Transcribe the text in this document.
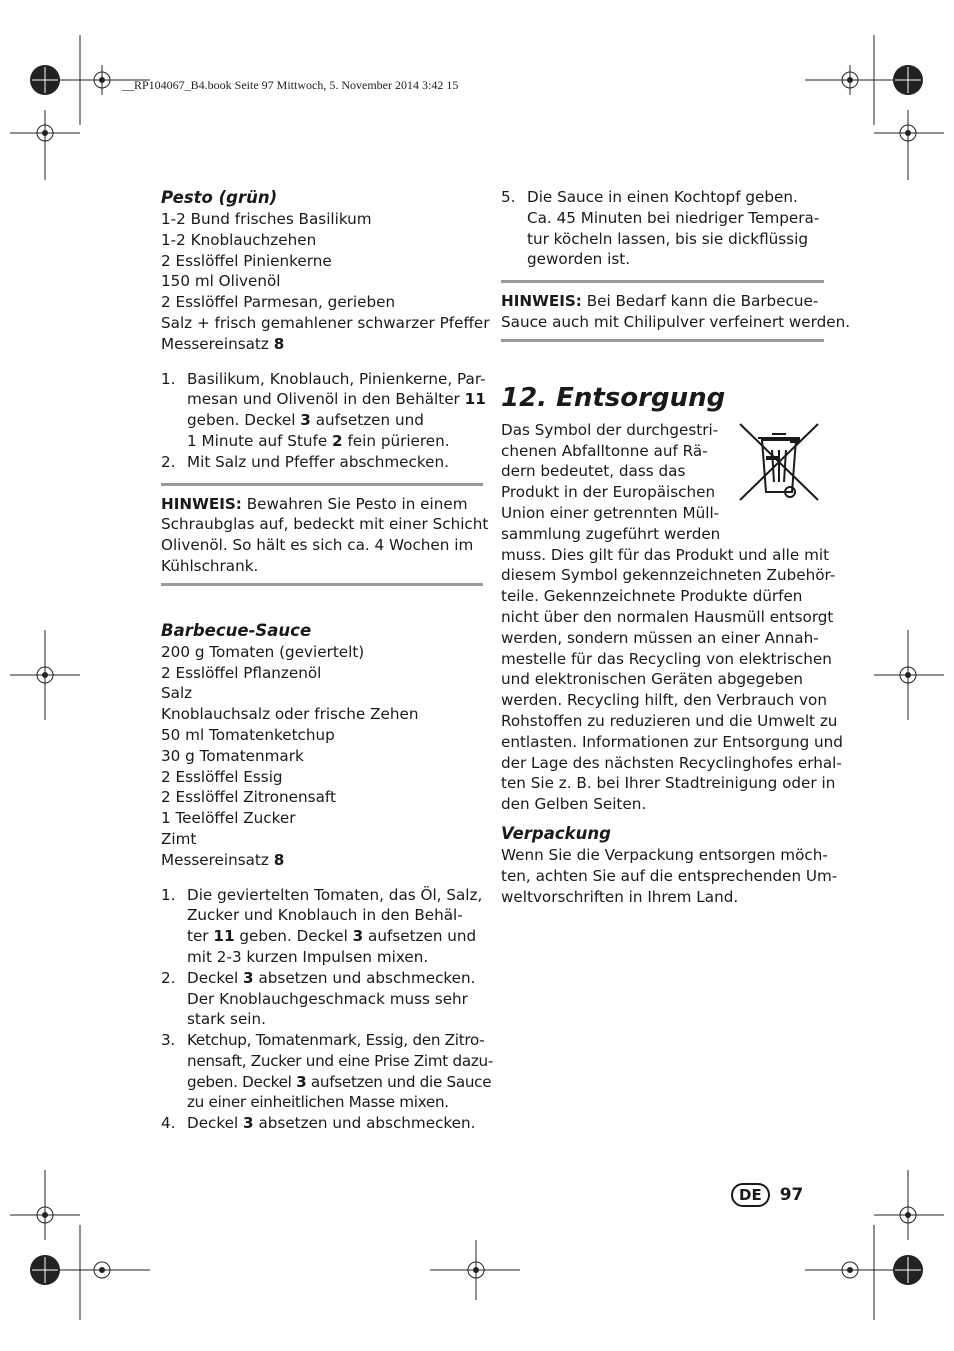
__RP104067_B4.book Seite 97 Mittwoch, 5. November 2014 3:42 15
Pesto (grün)
1-2 Bund frisches Basilikum
1-2 Knoblauchzehen
2 Esslöffel Pinienkerne
150 ml Olivenöl
2 Esslöffel Parmesan, gerieben
Salz + frisch gemahlener schwarzer Pfeffer
Messereinsatz 8
1. Basilikum, Knoblauch, Pinienkerne, Par-
mesan und Olivenöl in den Behälter 11
geben. Deckel 3 aufsetzen und
1 Minute auf Stufe 2 fein pürieren.
2. Mit Salz und Pfeffer abschmecken.
HINWEIS: Bewahren Sie Pesto in einem
Schraubglas auf, bedeckt mit einer Schicht
Olivenöl. So hält es sich ca. 4 Wochen im
Kühlschrank.
Barbecue-Sauce
200 g Tomaten (geviertelt)
2 Esslöffel Pflanzenöl
Salz
Knoblauchsalz oder frische Zehen
50 ml Tomatenketchup
30 g Tomatenmark
2 Esslöffel Essig
2 Esslöffel Zitronensaft
1 Teelöffel Zucker
Zimt
Messereinsatz 8
1. Die geviertelten Tomaten, das Öl, Salz,
Zucker und Knoblauch in den Behäl-
ter 11 geben. Deckel 3 aufsetzen und
mit 2-3 kurzen Impulsen mixen.
2. Deckel 3 absetzen und abschmecken.
Der Knoblauchgeschmack muss sehr
stark sein.
3. Ketchup, Tomatenmark, Essig, den Zitro-
nensaft, Zucker und eine Prise Zimt dazu-
geben. Deckel 3 aufsetzen und die Sauce
zu einer einheitlichen Masse mixen.
4. Deckel 3 absetzen und abschmecken.
5. Die Sauce in einen Kochtopf geben.
Ca. 45 Minuten bei niedriger Tempera-
tur köcheln lassen, bis sie dickflüssig
geworden ist.
HINWEIS: Bei Bedarf kann die Barbecue-
Sauce auch mit Chilipulver verfeinert werden.
12. Entsorgung
Das Symbol der durchgestri-
chenen Abfalltonne auf Rä-
dern bedeutet, dass das
Produkt in der Europäischen
Union einer getrennten Müll-
sammlung zugeführt werden
muss. Dies gilt für das Produkt und alle mit
diesem Symbol gekennzeichneten Zubehör-
teile. Gekennzeichnete Produkte dürfen
nicht über den normalen Hausmüll entsorgt
werden, sondern müssen an einer Annah-
mestelle für das Recycling von elektrischen
und elektronischen Geräten abgegeben
werden. Recycling hilft, den Verbrauch von
Rohstoffen zu reduzieren und die Umwelt zu
entlasten. Informationen zur Entsorgung und
der Lage des nächsten Recyclinghofes erhal-
ten Sie z. B. bei Ihrer Stadtreinigung oder in
den Gelben Seiten.
Verpackung
Wenn Sie die Verpackung entsorgen möch-
ten, achten Sie auf die entsprechenden Um-
weltvorschriften in Ihrem Land.
DE	97
